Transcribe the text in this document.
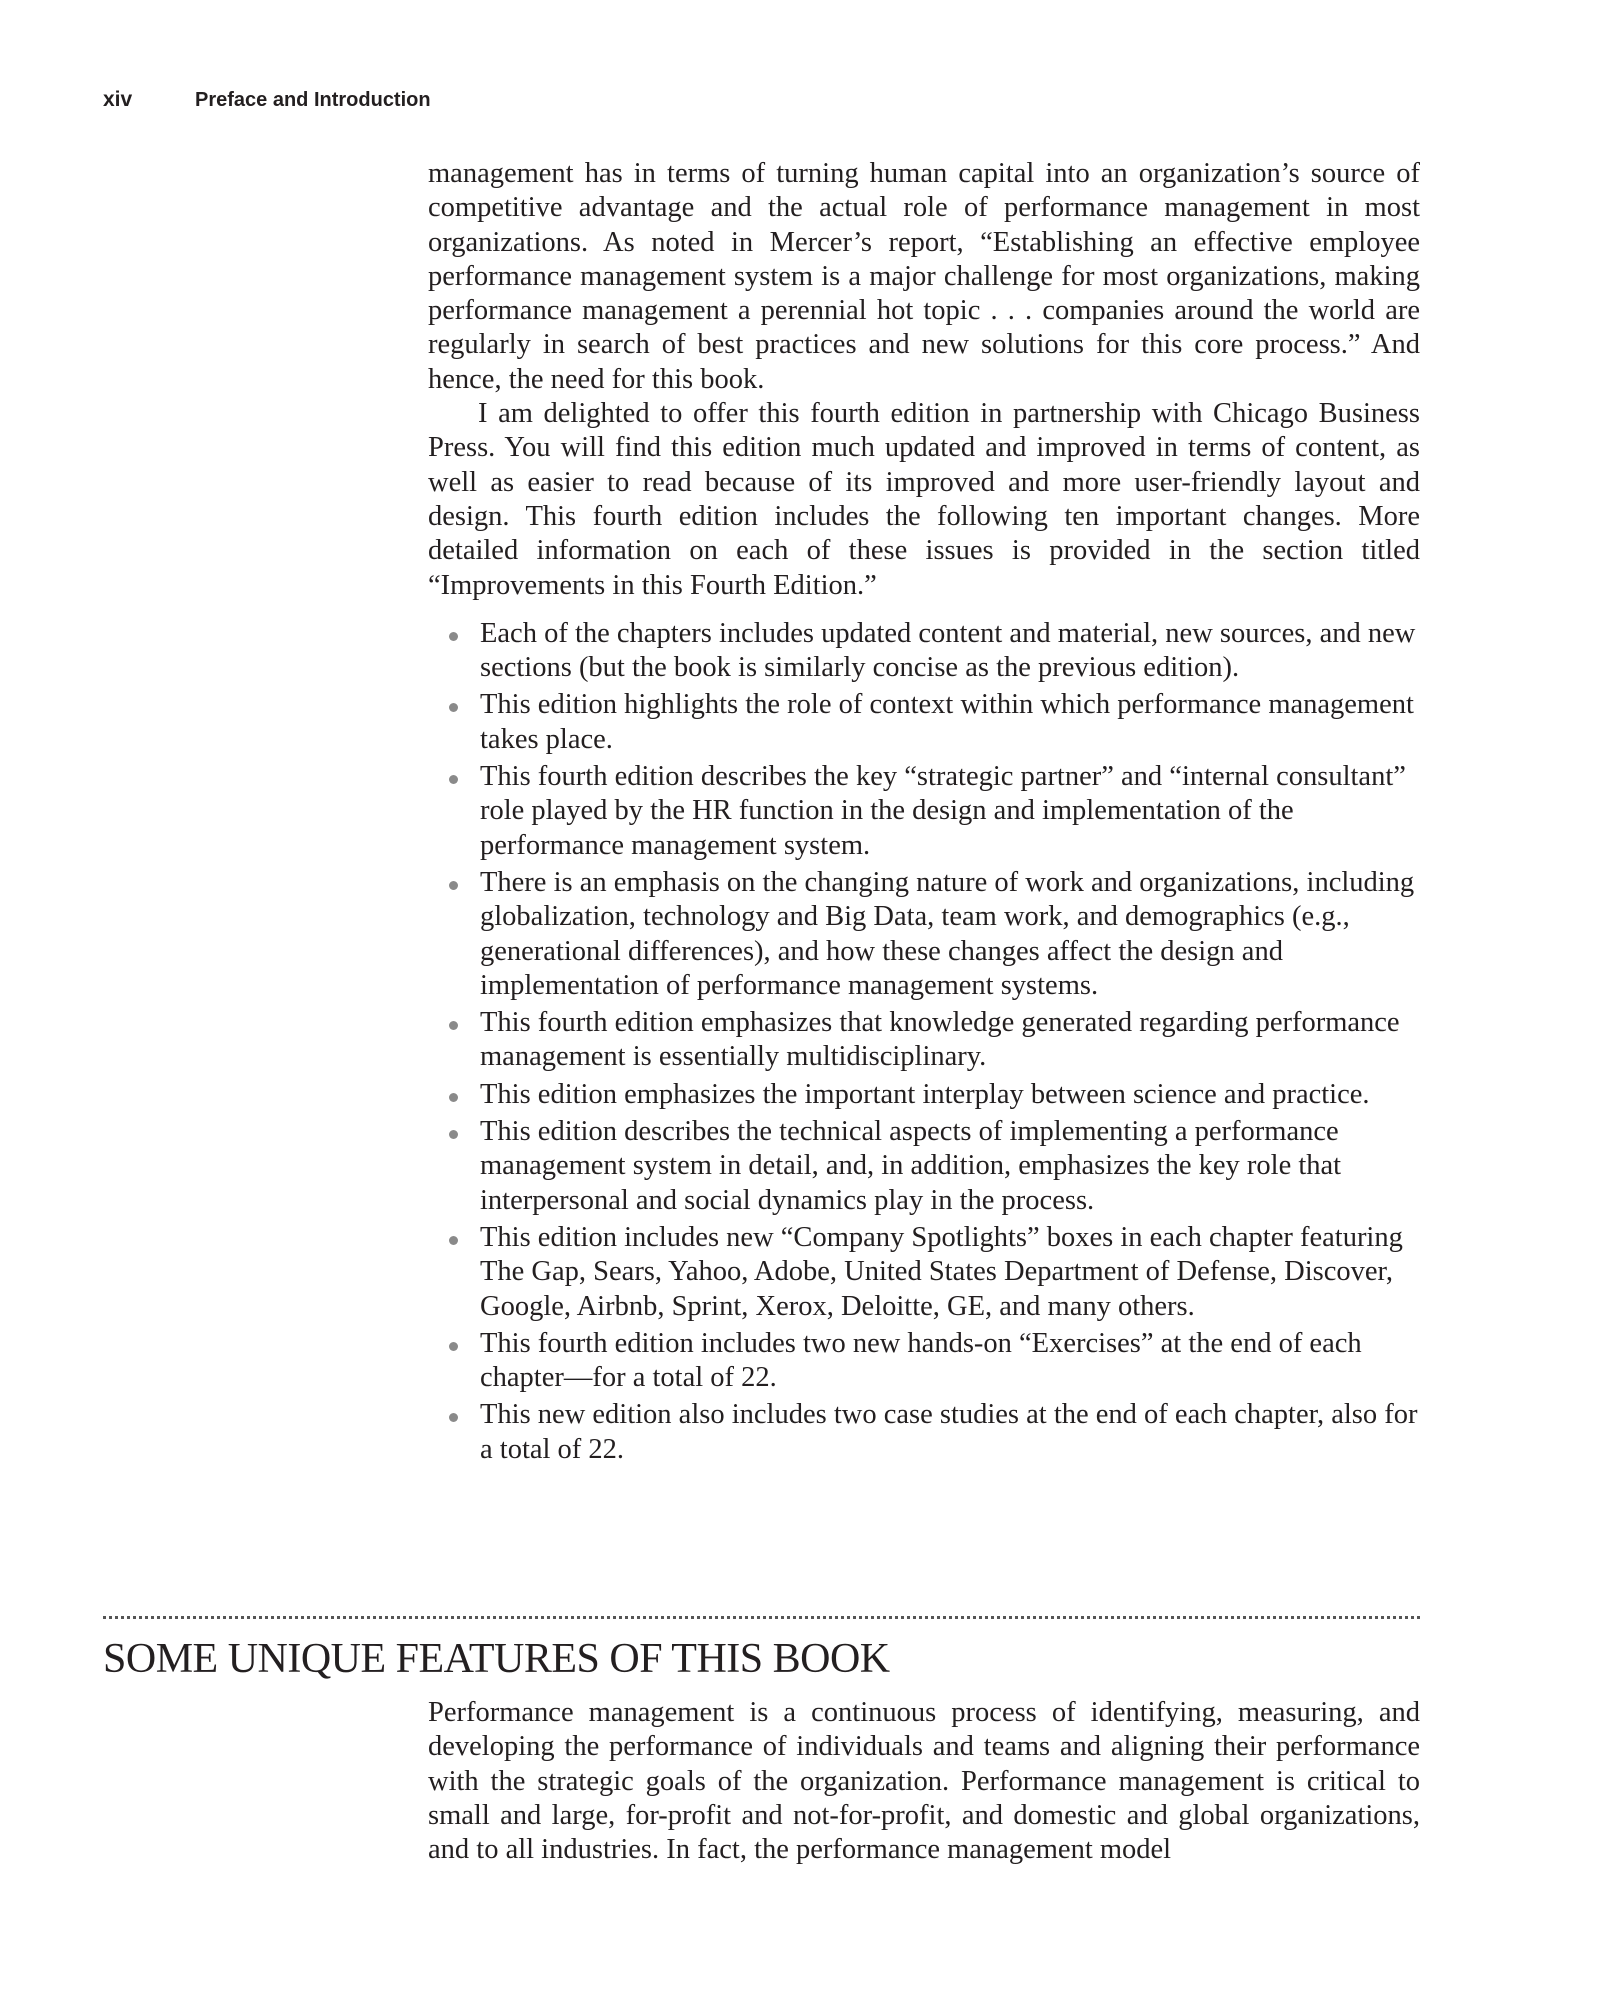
xiv	Preface and Introduction

management has in terms of turning human capital into an organization’s source of competitive advantage and the actual role of performance management in most organizations. As noted in Mercer’s report, “Establishing an effective employee performance management system is a major challenge for most organizations, making performance management a perennial hot topic . . . companies around the world are regularly in search of best practices and new solutions for this core process.” And hence, the need for this book.

I am delighted to offer this fourth edition in partnership with Chicago Business Press. You will find this edition much updated and improved in terms of content, as well as easier to read because of its improved and more user-friendly layout and design. This fourth edition includes the following ten important changes. More detailed information on each of these issues is provided in the section titled “Improvements in this Fourth Edition.”

Each of the chapters includes updated content and material, new sources, and new sections (but the book is similarly concise as the previous edition).
This edition highlights the role of context within which performance management takes place.
This fourth edition describes the key “strategic partner” and “internal consultant” role played by the HR function in the design and implementation of the performance management system.
There is an emphasis on the changing nature of work and organizations, including globalization, technology and Big Data, team work, and demographics (e.g., generational differences), and how these changes affect the design and implementation of performance management systems.
This fourth edition emphasizes that knowledge generated regarding performance management is essentially multidisciplinary.
This edition emphasizes the important interplay between science and practice.
This edition describes the technical aspects of implementing a performance management system in detail, and, in addition, emphasizes the key role that interpersonal and social dynamics play in the process.
This edition includes new “Company Spotlights” boxes in each chapter featuring The Gap, Sears, Yahoo, Adobe, United States Department of Defense, Discover, Google, Airbnb, Sprint, Xerox, Deloitte, GE, and many others.
This fourth edition includes two new hands-on “Exercises” at the end of each chapter—for a total of 22.
This new edition also includes two case studies at the end of each chapter, also for a total of 22.
SOME UNIQUE FEATURES OF THIS BOOK

Performance management is a continuous process of identifying, measuring, and developing the performance of individuals and teams and aligning their performance with the strategic goals of the organization. Performance management is critical to small and large, for-profit and not-for-profit, and domestic and global organizations, and to all industries. In fact, the performance management model
